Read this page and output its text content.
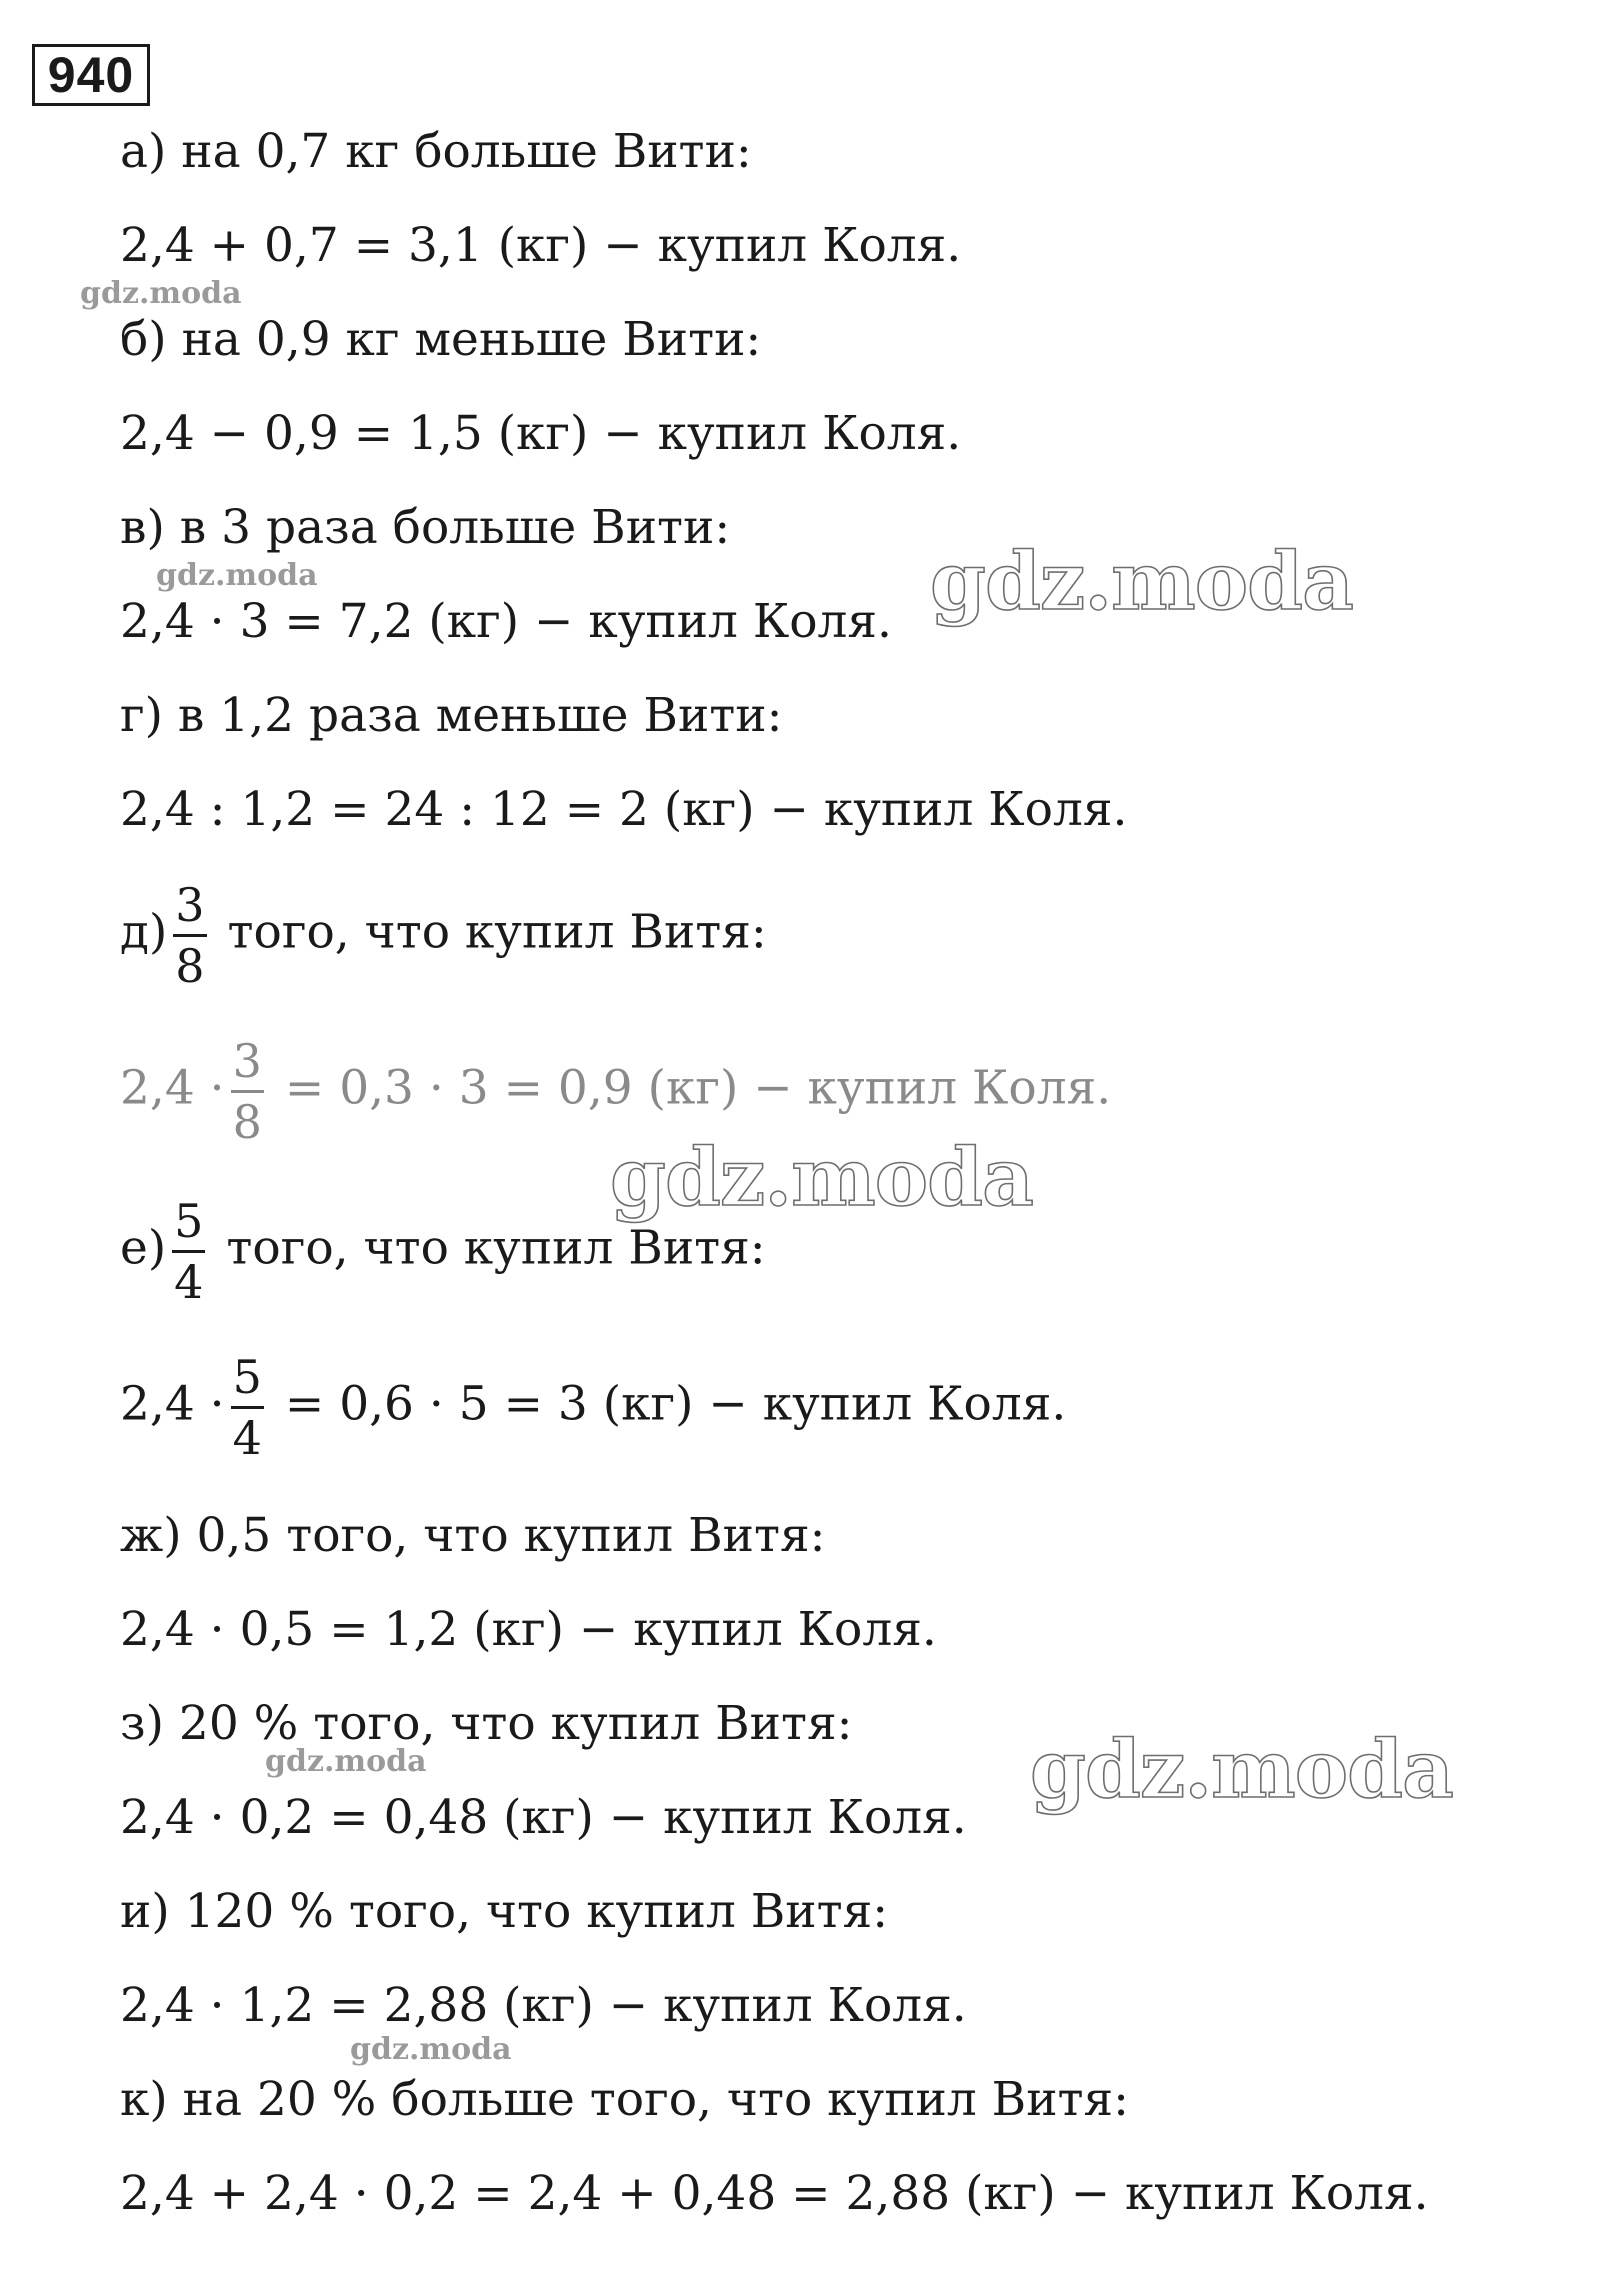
940
а) на 0,7 кг больше Вити:
2,4 + 0,7 = 3,1 (кг) − купил Коля.
б) на 0,9 кг меньше Вити:
2,4 − 0,9 = 1,5 (кг) − купил Коля.
в) в 3 раза больше Вити:
2,4 · 3 = 7,2 (кг) − купил Коля.
г) в 1,2 раза меньше Вити:
2,4 : 1,2 = 24 : 12 = 2 (кг) − купил Коля.
$д) \frac{3}{8}$ того, что купил Витя:
$2,4 \cdot \frac{3}{8} = 0,3 \cdot 3 = 0,9$ (кг) − купил Коля.
$е) \frac{5}{4}$ того, что купил Витя:
$2,4 \cdot \frac{5}{4} = 0,6 \cdot 5 = 3$ (кг) − купил Коля.
ж) 0,5 того, что купил Витя:
2,4 · 0,5 = 1,2 (кг) − купил Коля.
з) 20 % того, что купил Витя:
2,4 · 0,2 = 0,48 (кг) − купил Коля.
и) 120 % того, что купил Витя:
2,4 · 1,2 = 2,88 (кг) − купил Коля.
к) на 20 % больше того, что купил Витя:
2,4 + 2,4 · 0,2 = 2,4 + 0,48 = 2,88 (кг) − купил Коля.
gdz.moda
gdz.moda
gdz.moda
gdz.moda
gdz.moda
gdz.moda
gdz.moda
